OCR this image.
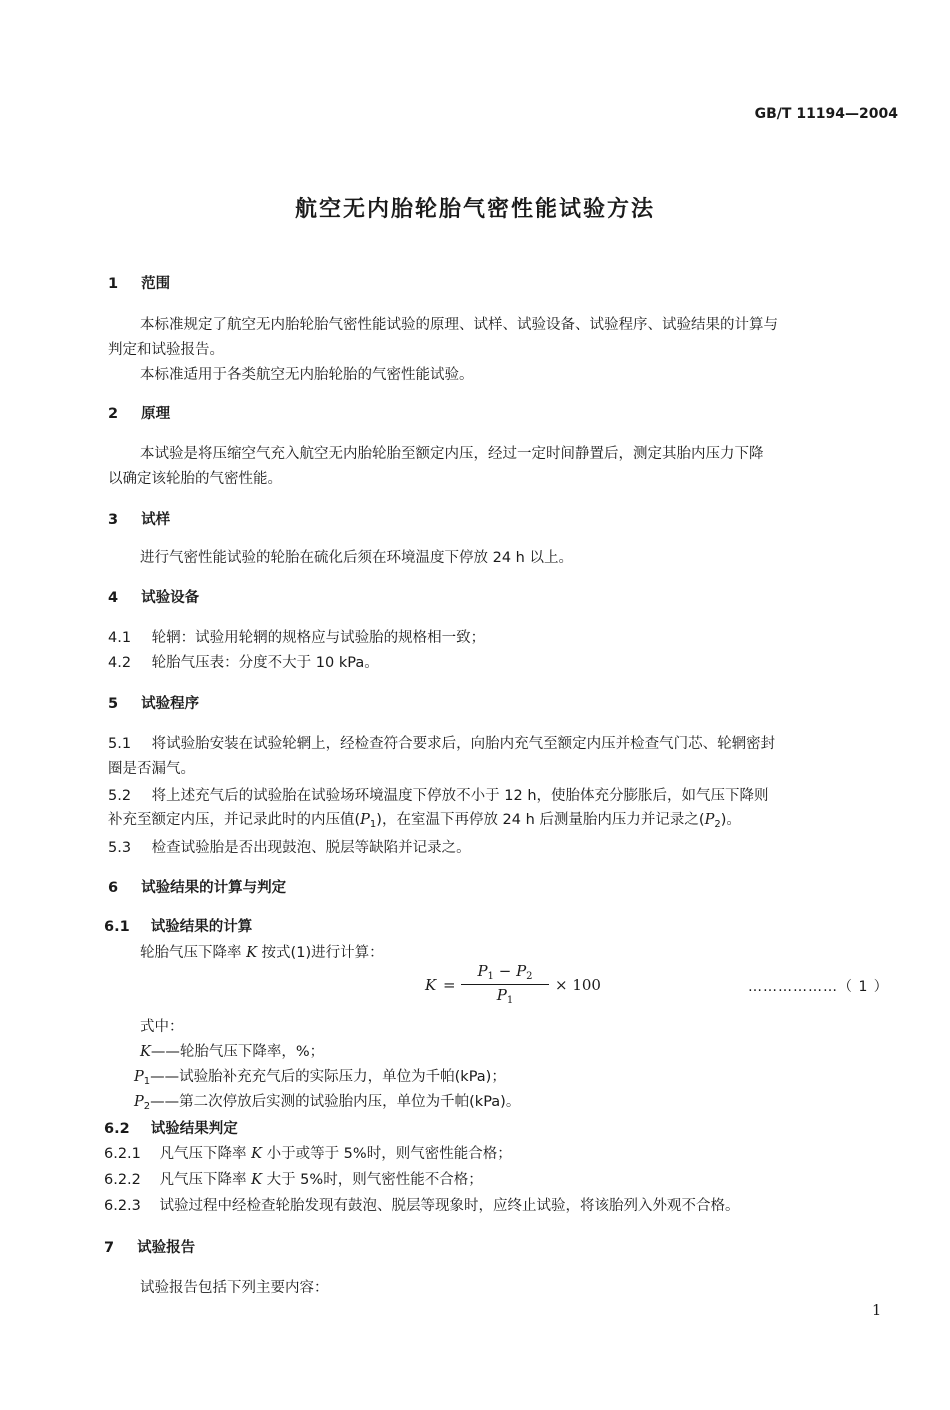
GB/T 11194—2004
航空无内胎轮胎气密性能试验方法
1 范围
本标准规定了航空无内胎轮胎气密性能试验的原理、试样、试验设备、试验程序、试验结果的计算与
判定和试验报告。
本标准适用于各类航空无内胎轮胎的气密性能试验。
2 原理
本试验是将压缩空气充入航空无内胎轮胎至额定内压，经过一定时间静置后，测定其胎内压力下降
以确定该轮胎的气密性能。
3 试样
进行气密性能试验的轮胎在硫化后须在环境温度下停放 24 h 以上。
4 试验设备
4.1 轮辋：试验用轮辋的规格应与试验胎的规格相一致；
4.2 轮胎气压表：分度不大于 10 kPa。
5 试验程序
5.1 将试验胎安装在试验轮辋上，经检查符合要求后，向胎内充气至额定内压并检查气门芯、轮辋密封
圈是否漏气。
5.2 将上述充气后的试验胎在试验场环境温度下停放不小于 12 h，使胎体充分膨胀后，如气压下降则
补充至额定内压，并记录此时的内压值$(P_1)$，在室温下再停放 24 h 后测量胎内压力并记录之$(P_2)$。
5.3 检查试验胎是否出现鼓泡、脱层等缺陷并记录之。
6 试验结果的计算与判定
6.1 试验结果的计算
轮胎气压下降率 K 按式(1)进行计算：
K =
$P_1 - P_2$
$P_1$
× 100	………………（ 1 ）
式中：
K——轮胎气压下降率，%；
$P_1——$试验胎补充充气后的实际压力，单位为千帕(kPa)；
$P_2——$第二次停放后实测的试验胎内压，单位为千帕(kPa)。
6.2 试验结果判定
6.2.1 凡气压下降率 K 小于或等于 5%时，则气密性能合格；
6.2.2 凡气压下降率 K 大于 5%时，则气密性能不合格；
6.2.3 试验过程中经检查轮胎发现有鼓泡、脱层等现象时，应终止试验，将该胎列入外观不合格。
7 试验报告
试验报告包括下列主要内容：
1
